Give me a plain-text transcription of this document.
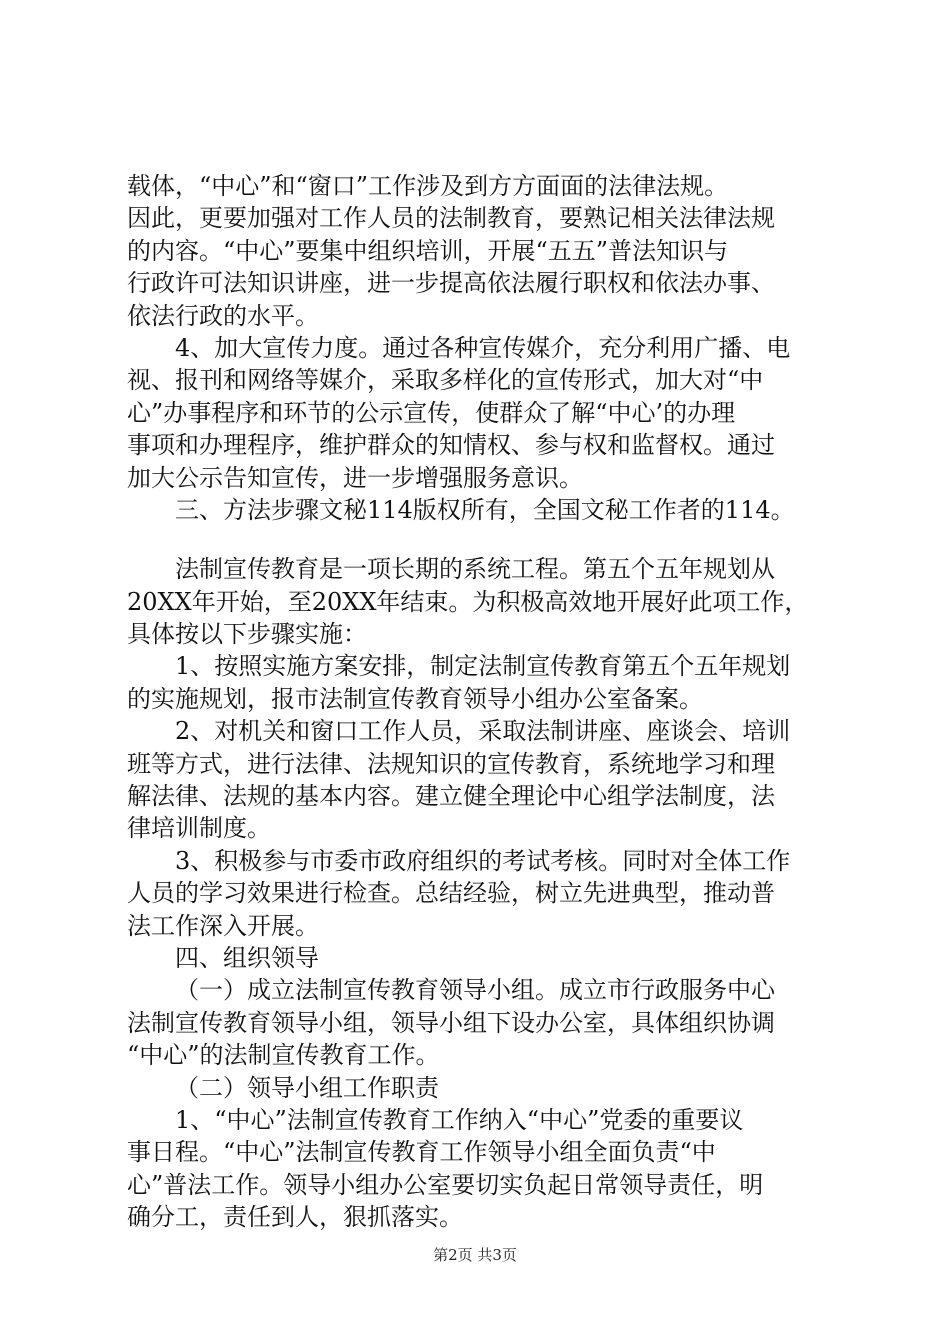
载体，“中心”和“窗口”工作涉及到方方面面的法律法规。
因此，更要加强对工作人员的法制教育，要熟记相关法律法规
的内容。“中心”要集中组织培训，开展“五五”普法知识与
行政许可法知识讲座，进一步提高依法履行职权和依法办事、
依法行政的水平。
4、加大宣传力度。通过各种宣传媒介，充分利用广播、电
视、报刊和网络等媒介，采取多样化的宣传形式，加大对“中
心”办事程序和环节的公示宣传，使群众了解“中心’的办理
事项和办理程序，维护群众的知情权、参与权和监督权。通过
加大公示告知宣传，进一步增强服务意识。
三、方法步骤文秘114版权所有，全国文秘工作者的114。
法制宣传教育是一项长期的系统工程。第五个五年规划从
20XX年开始，至20XX年结束。为积极高效地开展好此项工作，
具体按以下步骤实施：
1、按照实施方案安排，制定法制宣传教育第五个五年规划
的实施规划，报市法制宣传教育领导小组办公室备案。
2、对机关和窗口工作人员，采取法制讲座、座谈会、培训
班等方式，进行法律、法规知识的宣传教育，系统地学习和理
解法律、法规的基本内容。建立健全理论中心组学法制度，法
律培训制度。
3、积极参与市委市政府组织的考试考核。同时对全体工作
人员的学习效果进行检查。总结经验，树立先进典型，推动普
法工作深入开展。
四、组织领导
（一）成立法制宣传教育领导小组。成立市行政服务中心
法制宣传教育领导小组，领导小组下设办公室，具体组织协调
“中心”的法制宣传教育工作。
（二）领导小组工作职责
1、“中心”法制宣传教育工作纳入“中心”党委的重要议
事日程。“中心”法制宣传教育工作领导小组全面负责“中
心”普法工作。领导小组办公室要切实负起日常领导责任，明
确分工，责任到人，狠抓落实。
第2页 共3页
